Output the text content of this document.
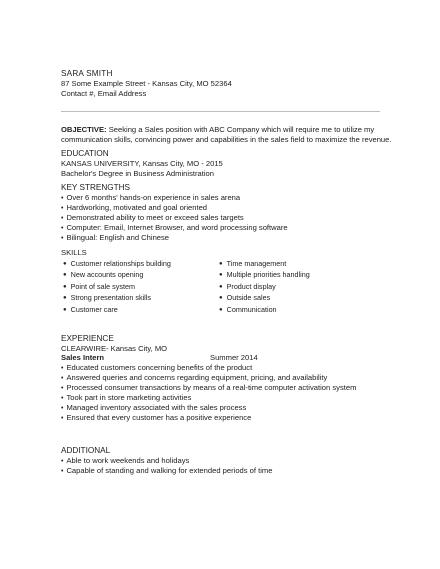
SARA SMITH
87 Some Example Street - Kansas City, MO 52364
Contact #, Email Address
OBJECTIVE: Seeking a Sales position with ABC Company which will require me to utilize my
communication skills, convincing power and capabilities in the sales field to maximize the revenue.
EDUCATION
KANSAS UNIVERSITY, Kansas City, MO - 2015
Bachelor's Degree in Business Administration
KEY STRENGTHS
• Over 6 months' hands-on experience in sales arena
• Hardworking, motivated and goal oriented
• Demonstrated ability to meet or exceed sales targets
• Computer: Email, Internet Browser, and word processing software
• Bilingual: English and Chinese
SKILLS
● Customer relationships building
● New accounts opening
● Point of sale system
● Strong presentation skills
● Customer care
● Time management
● Multiple priorities handling
● Product display
● Outside sales
● Communication
EXPERIENCE
CLEARWIRE- Kansas City, MO
Sales Intern	Summer 2014
• Educated customers concerning benefits of the product
• Answered queries and concerns regarding equipment, pricing, and availability
• Processed consumer transactions by means of a real-time computer activation system
• Took part in store marketing activities
• Managed inventory associated with the sales process
• Ensured that every customer has a positive experience
ADDITIONAL
• Able to work weekends and holidays
• Capable of standing and walking for extended periods of time
